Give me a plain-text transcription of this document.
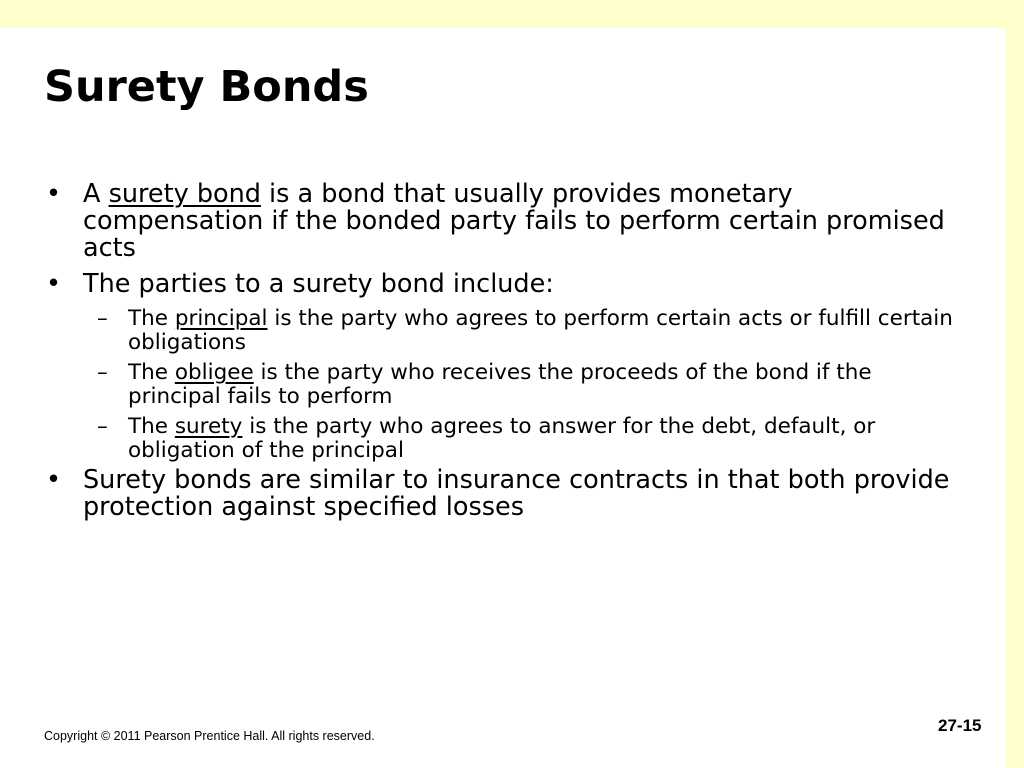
Surety Bonds
• A surety bond is a bond that usually provides monetary compensation if the bonded party fails to perform certain promised acts
• The parties to a surety bond include:
– The principal is the party who agrees to perform certain acts or fulfill certain obligations
– The obligee is the party who receives the proceeds of the bond if the principal fails to perform
– The surety is the party who agrees to answer for the debt, default, or obligation of the principal
• Surety bonds are similar to insurance contracts in that both provide protection against specified losses
Copyright © 2011 Pearson Prentice Hall. All rights reserved.
27-15
